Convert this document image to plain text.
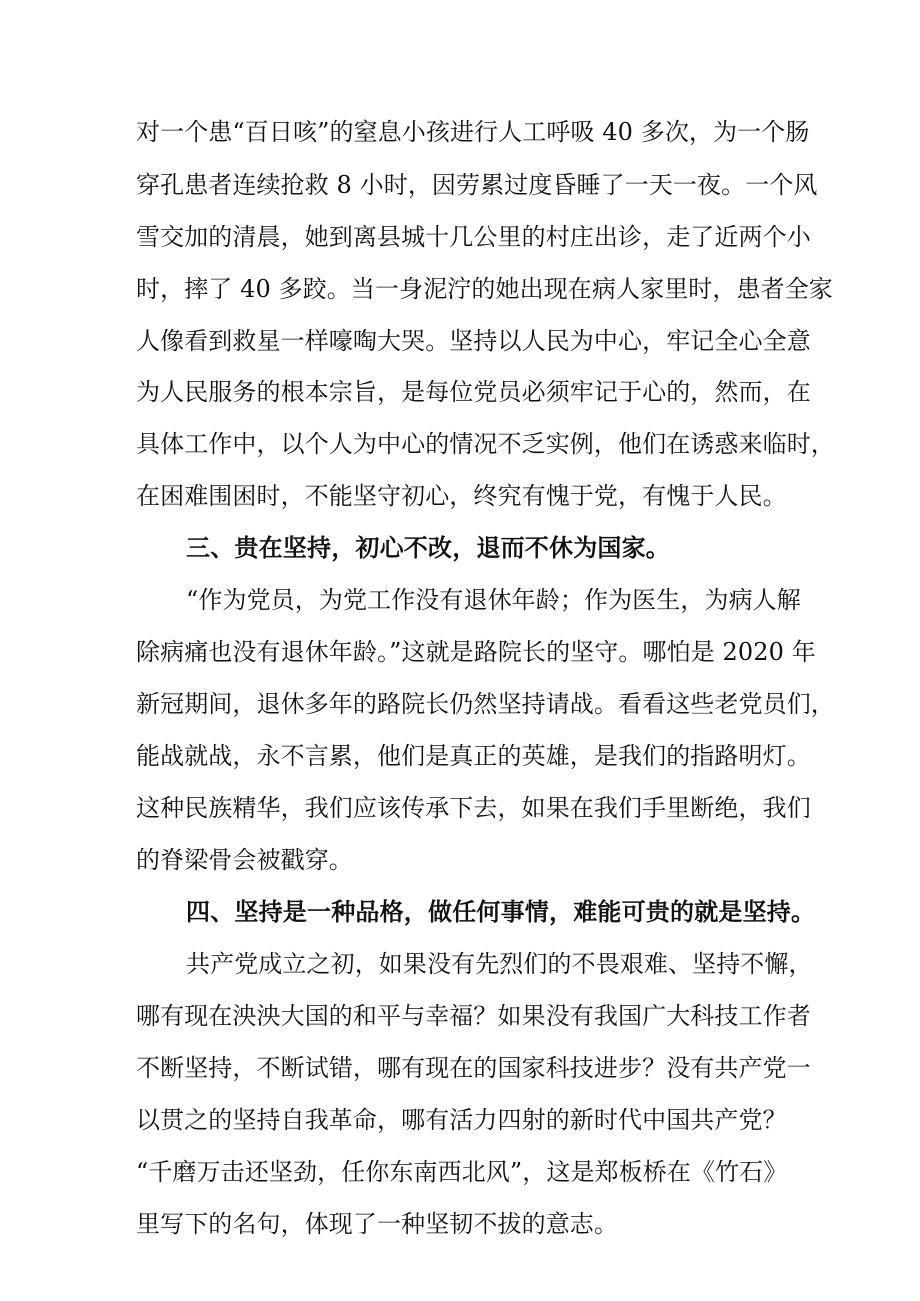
对一个患“百日咳”的窒息小孩进行人工呼吸 40 多次，为一个肠
穿孔患者连续抢救 8 小时，因劳累过度昏睡了一天一夜。一个风
雪交加的清晨，她到离县城十几公里的村庄出诊，走了近两个小
时，摔了 40 多跤。当一身泥泞的她出现在病人家里时，患者全家
人像看到救星一样嚎啕大哭。坚持以人民为中心，牢记全心全意
为人民服务的根本宗旨，是每位党员必须牢记于心的，然而，在
具体工作中，以个人为中心的情况不乏实例，他们在诱惑来临时，
在困难围困时，不能坚守初心，终究有愧于党，有愧于人民。
三、贵在坚持，初心不改，退而不休为国家。
“作为党员，为党工作没有退休年龄；作为医生，为病人解
除病痛也没有退休年龄。”这就是路院长的坚守。哪怕是 2020 年
新冠期间，退休多年的路院长仍然坚持请战。看看这些老党员们，
能战就战，永不言累，他们是真正的英雄，是我们的指路明灯。
这种民族精华，我们应该传承下去，如果在我们手里断绝，我们
的脊梁骨会被戳穿。
四、坚持是一种品格，做任何事情，难能可贵的就是坚持。
共产党成立之初，如果没有先烈们的不畏艰难、坚持不懈，
哪有现在泱泱大国的和平与幸福？如果没有我国广大科技工作者
不断坚持，不断试错，哪有现在的国家科技进步？没有共产党一
以贯之的坚持自我革命，哪有活力四射的新时代中国共产党？
“千磨万击还坚劲，任你东南西北风”，这是郑板桥在《竹石》
里写下的名句，体现了一种坚韧不拔的意志。
